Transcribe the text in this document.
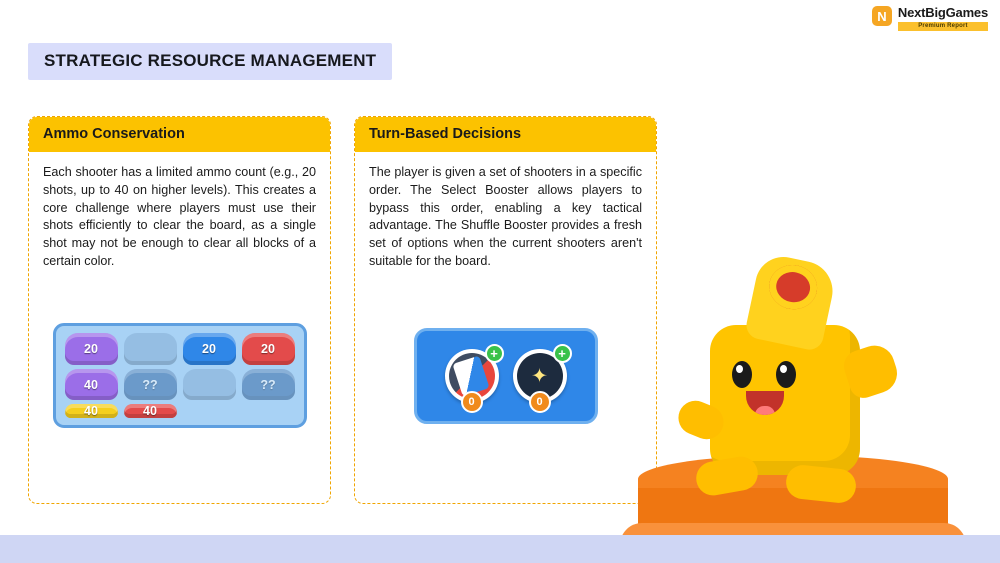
N NextBigGames
Premium Report
STRATEGIC RESOURCE MANAGEMENT
Ammo Conservation
Each shooter has a limited ammo count (e.g., 20 shots, up to 40 on higher levels). This creates a core challenge where players must use their shots efficiently to clear the board, as a single shot may not be enough to clear all blocks of a certain color.
20	20	20
40	??	??
40	40
Turn-Based Decisions
The player is given a set of shooters in a specific order. The Select Booster allows players to bypass this order, enabling a key tactical advantage. The Shuffle Booster provides a fresh set of options when the current shooters aren't suitable for the board.
+
0
✦
+
0
